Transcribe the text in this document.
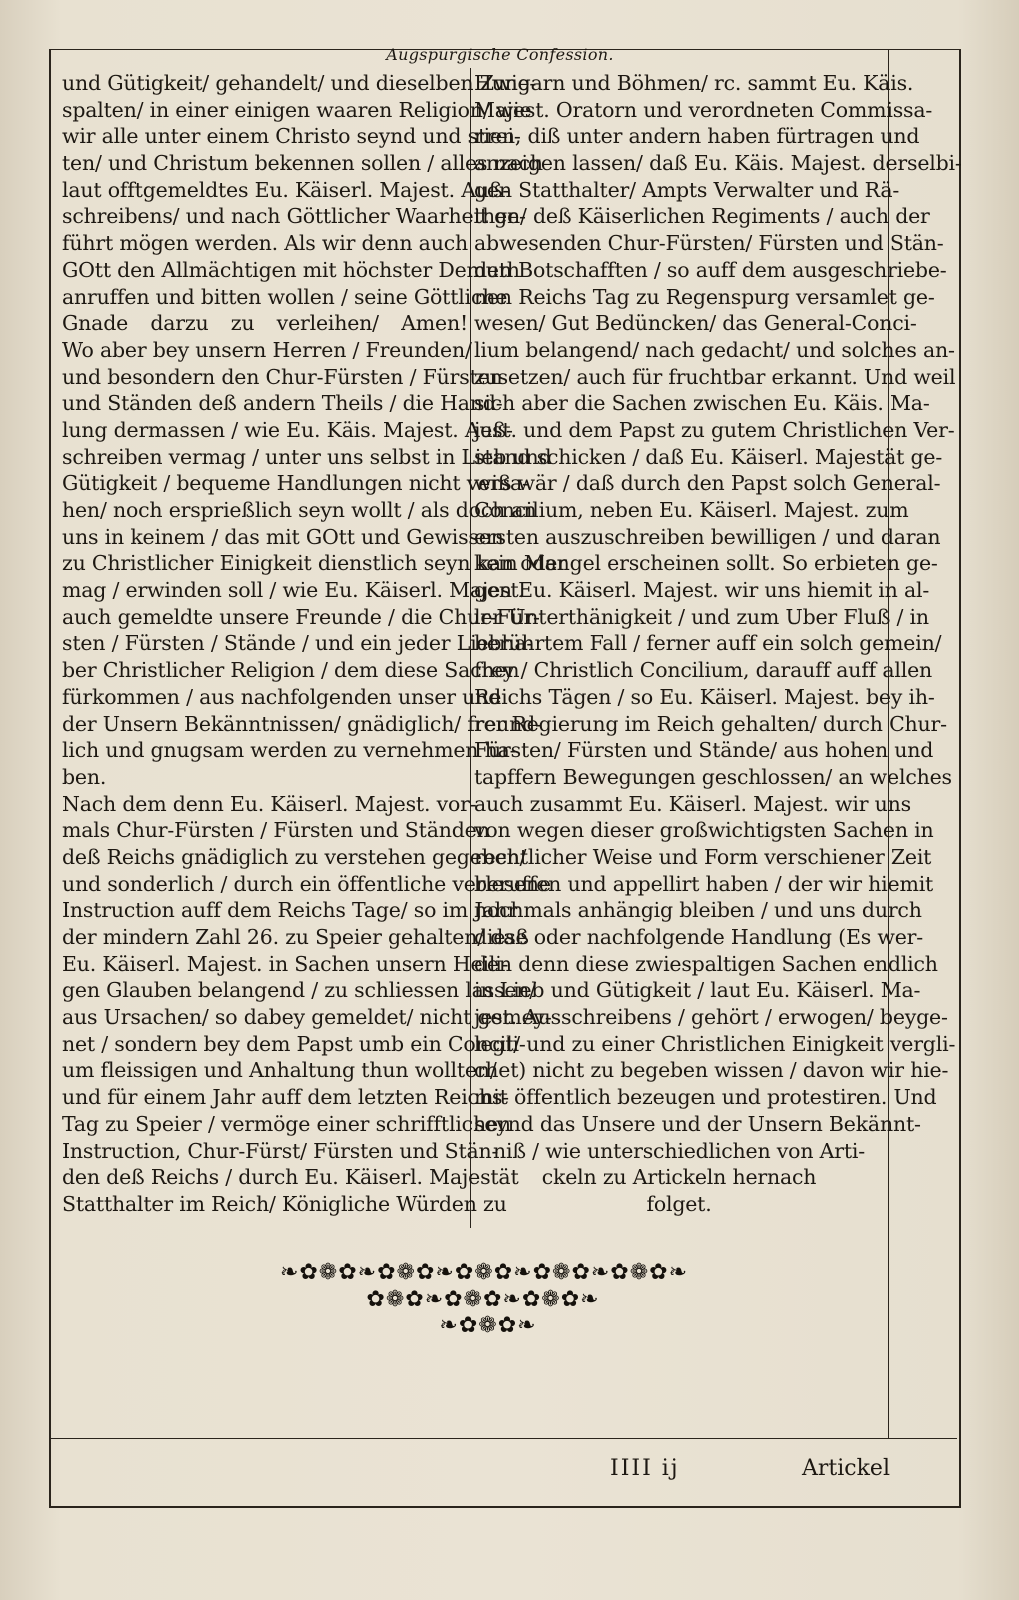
Augspurgische Confession.
und Gütigkeit/ gehandelt/ und dieselben Zwie-
spalten/ in einer einigen waaren Religion/ wie
wir alle unter einem Christo seynd und strei-
ten/ und Christum bekennen sollen / alles nach
laut offtgemeldtes Eu. Käiserl. Majest. Auß-
schreibens/ und nach Göttlicher Waarheit ge-
führt mögen werden. Als wir denn auch
GOtt den Allmächtigen mit höchster Demuth
anruffen und bitten wollen / seine Göttliche
Gnade darzu zu verleihen/ Amen!
Wo aber bey unsern Herren / Freunden/
und besondern den Chur-Fürsten / Fürsten
und Ständen deß andern Theils / die Hand-
lung dermassen / wie Eu. Käis. Majest. Auß-
schreiben vermag / unter uns selbst in Lieb und
Gütigkeit / bequeme Handlungen nicht versa-
hen/ noch ersprießlich seyn wollt / als doch an
uns in keinem / das mit GOtt und Gewissen
zu Christlicher Einigkeit dienstlich seyn kan oder
mag / erwinden soll / wie Eu. Käiserl. Majest.
auch gemeldte unsere Freunde / die Chur-Für-
sten / Fürsten / Stände / und ein jeder Liebha-
ber Christlicher Religion / dem diese Sachen
fürkommen / aus nachfolgenden unser und
der Unsern Bekänntnissen/ gnädiglich/ freund-
lich und gnugsam werden zu vernehmen ha-
ben.
Nach dem denn Eu. Käiserl. Majest. vor-
mals Chur-Fürsten / Fürsten und Ständen
deß Reichs gnädiglich zu verstehen gegeben/
und sonderlich / durch ein öffentliche verlesene
Instruction auff dem Reichs Tage/ so im Jahr
der mindern Zahl 26. zu Speier gehalten/ daß
Eu. Käiserl. Majest. in Sachen unsern Heili-
gen Glauben belangend / zu schliessen lassen/
aus Ursachen/ so dabey gemeldet/ nicht gemey-
net / sondern bey dem Papst umb ein Concili-
um fleissigen und Anhaltung thun wollten/
und für einem Jahr auff dem letzten Reichs-
Tag zu Speier / vermöge einer schrifftlichen
Instruction, Chur-Fürst/ Fürsten und Stän-
den deß Reichs / durch Eu. Käiserl. Majestät
Statthalter im Reich/ Königliche Würden zu
Hungarn und Böhmen/ rc. sammt Eu. Käis.
Majest. Oratorn und verordneten Commissa-
rien, diß unter andern haben fürtragen und
anzeigen lassen/ daß Eu. Käis. Majest. derselbi-
gen Statthalter/ Ampts Verwalter und Rä-
then/ deß Käiserlichen Regiments / auch der
abwesenden Chur-Fürsten/ Fürsten und Stän-
den Botschafften / so auff dem ausgeschriebe-
nen Reichs Tag zu Regenspurg versamlet ge-
wesen/ Gut Bedüncken/ das General-Conci-
lium belangend/ nach gedacht/ und solches an-
zusetzen/ auch für fruchtbar erkannt. Und weil
sich aber die Sachen zwischen Eu. Käis. Ma-
jest. und dem Papst zu gutem Christlichen Ver-
stand schicken / daß Eu. Käiserl. Majestät ge-
wiß wär / daß durch den Papst solch General-
Concilium, neben Eu. Käiserl. Majest. zum
ersten auszuschreiben bewilligen / und daran
kein Mangel erscheinen sollt. So erbieten ge-
gen Eu. Käiserl. Majest. wir uns hiemit in al-
ler Unterthänigkeit / und zum Uber Fluß / in
berührtem Fall / ferner auff ein solch gemein/
frey / Christlich Concilium, darauff auff allen
Reichs Tägen / so Eu. Käiserl. Majest. bey ih-
rer Regierung im Reich gehalten/ durch Chur-
Fürsten/ Fürsten und Stände/ aus hohen und
tapffern Bewegungen geschlossen/ an welches
auch zusammt Eu. Käiserl. Majest. wir uns
von wegen dieser großwichtigsten Sachen in
rechtlicher Weise und Form verschiener Zeit
beruffen und appellirt haben / der wir hiemit
nochmals anhängig bleiben / und uns durch
diese oder nachfolgende Handlung (Es wer-
den denn diese zwiespaltigen Sachen endlich
in Lieb und Gütigkeit / laut Eu. Käiserl. Ma-
jest. Ausschreibens / gehört / erwogen/ beyge-
legt/ und zu einer Christlichen Einigkeit vergli-
chet) nicht zu begeben wissen / davon wir hie-
mit öffentlich bezeugen und protestiren. Und
seynd das Unsere und der Unsern Bekännt-
niß / wie unterschiedlichen von Arti-
ckeln zu Artickeln hernach
folget.
❧✿❁✿❧✿❁✿❧✿❁✿❧✿❁✿❧✿❁✿❧
✿❁✿❧✿❁✿❧✿❁✿❧
❧✿❁✿❧
IIII ij	Artickel
